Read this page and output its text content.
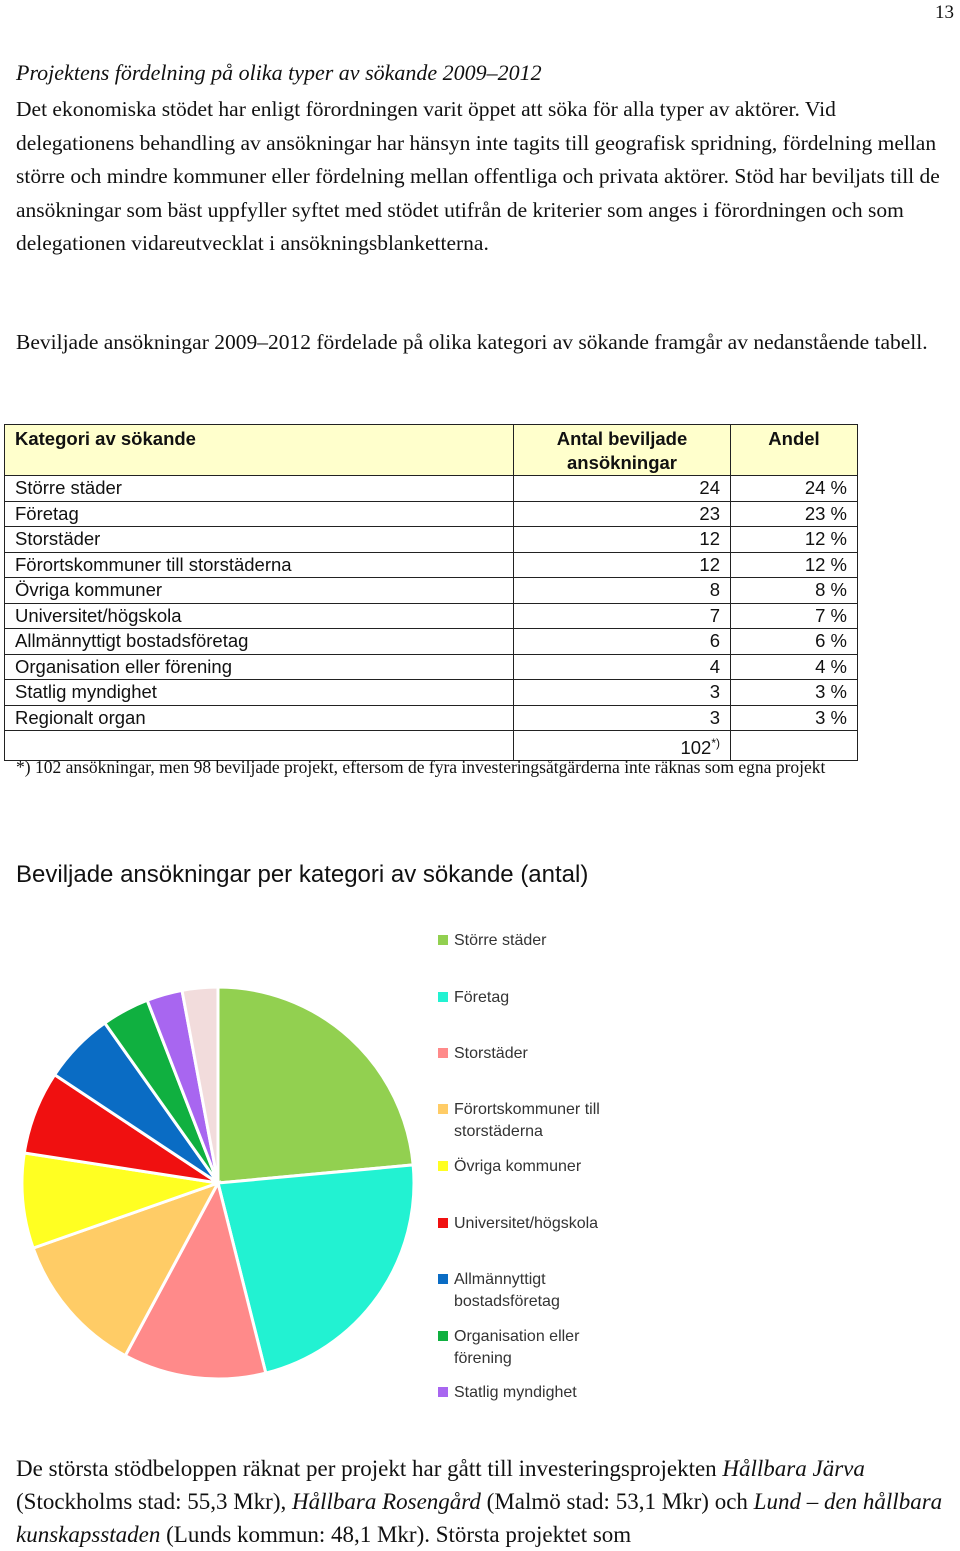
13
Projektens fördelning på olika typer av sökande 2009–2012
Det ekonomiska stödet har enligt förordningen varit öppet att söka för alla typer av aktörer. Vid delegationens behandling av ansökningar har hänsyn inte tagits till geografisk spridning, fördelning mellan större och mindre kommuner eller fördelning mellan offentliga och privata aktörer. Stöd har beviljats till de ansökningar som bäst uppfyller syftet med stödet utifrån de kriterier som anges i förordningen och som delegationen vidareutvecklat i ansökningsblanketterna.
Beviljade ansökningar 2009–2012 fördelade på olika kategori av sökande framgår av nedanstående tabell.
Kategori av sökande	Antal beviljade ansökningar	Andel
Större städer	24	24 %
Företag	23	23 %
Storstäder	12	12 %
Förortskommuner till storstäderna	12	12 %
Övriga kommuner	8	8 %
Universitet/högskola	7	7 %
Allmännyttigt bostadsföretag	6	6 %
Organisation eller förening	4	4 %
Statlig myndighet	3	3 %
Regionalt organ	3	3 %
	102*)	
*) 102 ansökningar, men 98 beviljade projekt, eftersom de fyra investeringsåtgärderna inte räknas som egna projekt
Beviljade ansökningar per kategori av sökande (antal)
Större städer
Företag
Storstäder
Förortskommuner till storstäderna
Övriga kommuner
Universitet/högskola
Allmännyttigt bostadsföretag
Organisation eller förening
Statlig myndighet
De största stödbeloppen räknat per projekt har gått till investeringsprojekten Hållbara Järva (Stockholms stad: 55,3 Mkr), Hållbara Rosengård (Malmö stad: 53,1 Mkr) och Lund – den hållbara kunskapsstaden (Lunds kommun: 48,1 Mkr). Största projektet som
